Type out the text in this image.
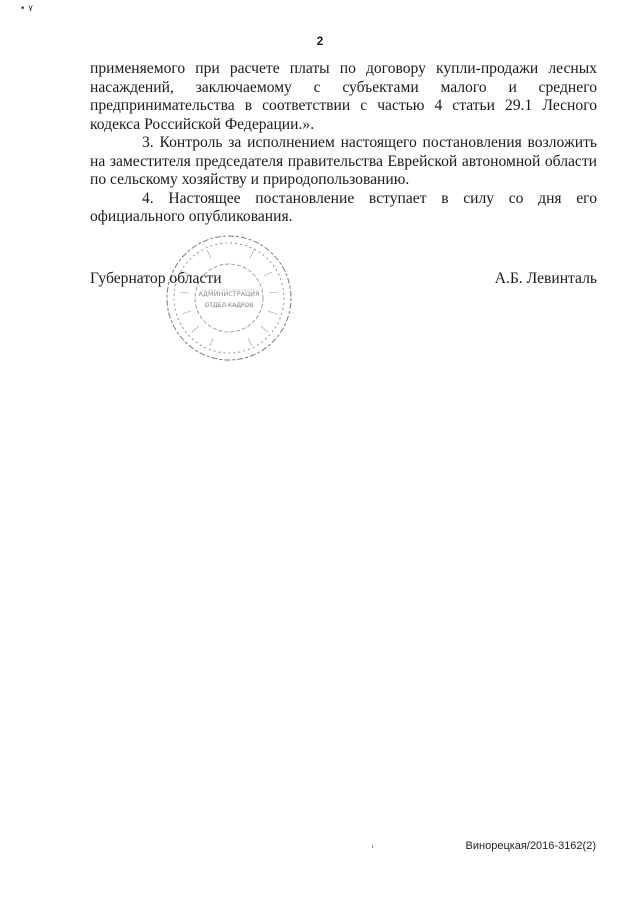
• ٧
2

применяемого при расчете платы по договору купли-продажи лесных
насаждений, заключаемому с субъектами малого и среднего
предпринимательства в соответствии с частью 4 статьи 29.1 Лесного кодекса Российской Федерации.».

3. Контроль за исполнением настоящего постановления возложить на заместителя председателя правительства Еврейской автономной области по сельскому хозяйству и природопользованию.

4. Настоящее постановление вступает в силу со дня его официального опубликования.

АДМИНИСТРАЦИЯ
ОТДЕЛ КАДРОВ
Губернатор области	А.Б. Левинталь
Винорецкая/2016-3162(2)
